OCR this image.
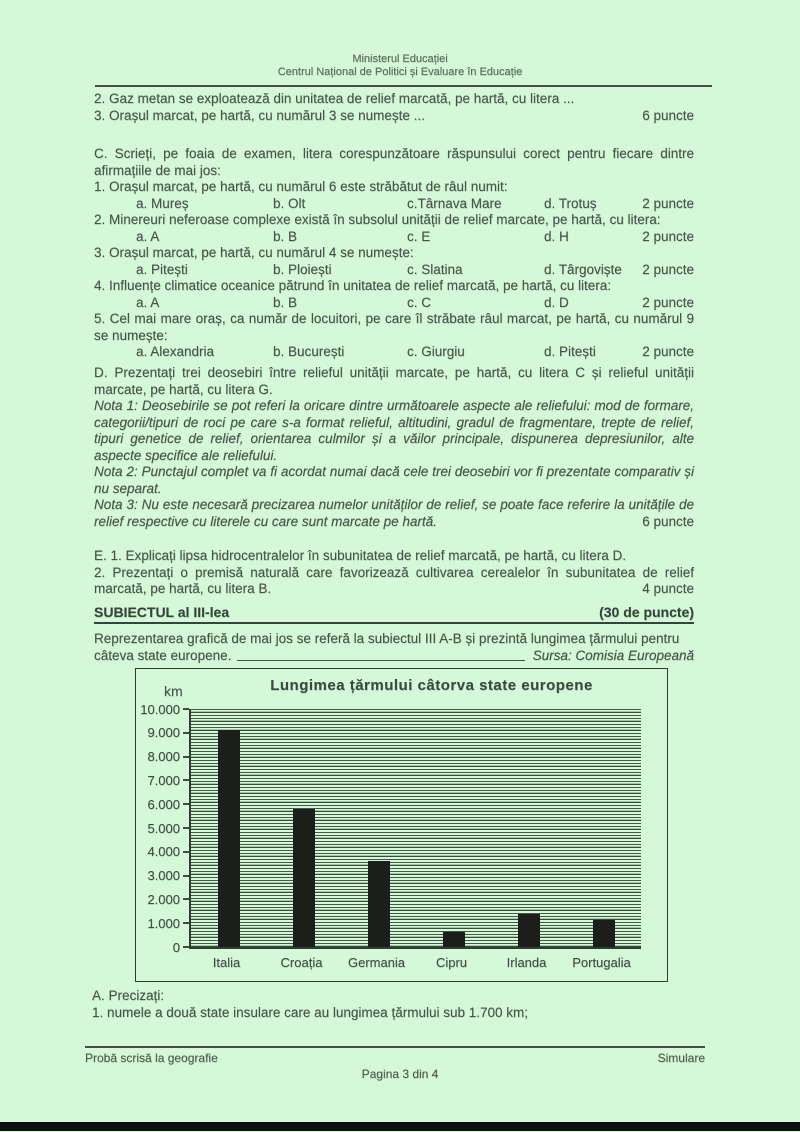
Ministerul Educației

Centrul Național de Politici și Evaluare în Educație

2. Gaz metan se exploatează din unitatea de relief marcată, pe hartă, cu litera ...

3. Orașul marcat, pe hartă, cu numărul 3 se numește ...	6 puncte

C. Scrieți, pe foaia de examen, litera corespunzătoare răspunsului corect pentru fiecare dintre afirmațiile de mai jos:

1. Orașul marcat, pe hartă, cu numărul 6 este străbătut de râul numit:

a. Mureș	b. Olt	c.Târnava Mare	d. Trotuș	2 puncte

2. Minereuri neferoase complexe există în subsolul unității de relief marcate, pe hartă, cu litera:

a. A	b. B	c. E	d. H	2 puncte

3. Orașul marcat, pe hartă, cu numărul 4 se numește:

a. Pitești	b. Ploiești	c. Slatina	d. Târgoviște 2 puncte

4. Influențe climatice oceanice pătrund în unitatea de relief marcată, pe hartă, cu litera:

a. A	b. B	c. C	d. D	2 puncte

5. Cel mai mare oraș, ca număr de locuitori, pe care îl străbate râul marcat, pe hartă, cu numărul 9 se numește:

a. Alexandria	b. București	c. Giurgiu	d. Pitești	2 puncte

D. Prezentați trei deosebiri între relieful unității marcate, pe hartă, cu litera C și relieful unității marcate, pe hartă, cu litera G.

Nota 1: Deosebirile se pot referi la oricare dintre următoarele aspecte ale reliefului: mod de formare, categorii/tipuri de roci pe care s-a format relieful, altitudini, gradul de fragmentare, trepte de relief, tipuri genetice de relief, orientarea culmilor și a văilor principale, dispunerea depresiunilor, alte aspecte specifice ale reliefului.

Nota 2: Punctajul complet va fi acordat numai dacă cele trei deosebiri vor fi prezentate comparativ și nu separat.

Nota 3: Nu este necesară precizarea numelor unităților de relief, se poate face referire la unitățile de relief respective cu literele cu care sunt marcate pe hartă.	6 puncte

E. 1. Explicați lipsa hidrocentralelor în subunitatea de relief marcată, pe hartă, cu litera D.

2. Prezentați o premisă naturală care favorizează cultivarea cerealelor în subunitatea de relief marcată, pe hartă, cu litera B.	4 puncte

SUBIECTUL al III-lea	(30 de puncte)

Reprezentarea grafică de mai jos se referă la subiectul III A-B și prezintă lungimea țărmului pentru

câteva state europene.	Sursa: Comisia Europeană
km	Lungimea țărmului câtorva state europene
10.000
9.000
8.000
7.000
6.000
5.000
4.000
3.000
2.000
1.000
0
Italia	Croația	Germania	Cipru	Irlanda	Portugalia

A. Precizați:

1. numele a două state insulare care au lungimea țărmului sub 1.700 km;

Probă scrisă la geografie	Simulare
Pagina 3 din 4
